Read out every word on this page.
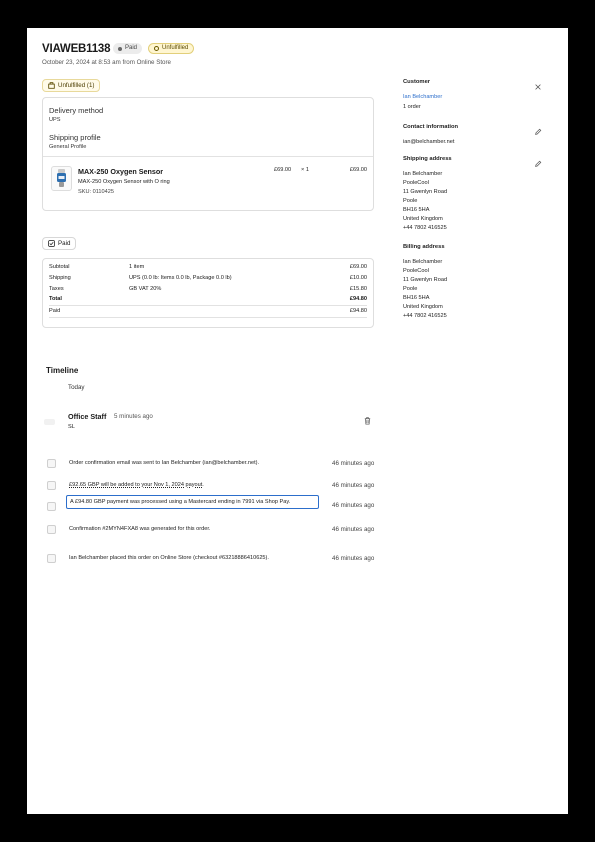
VIAWEB1138 Paid	Unfulfilled
October 23, 2024 at 8:53 am from Online Store
Unfulfilled (1)
Delivery method
UPS
Shipping profile
General Profile
MAX-250 Oxygen Sensor
MAX-250 Oxygen Sensor with O ring
SKU: 0110425
£69.00 × 1	£69.00
Paid
Subtotal	1 item	£69.00
Shipping	UPS (0.0 lb: Items 0.0 lb, Package 0.0 lb)	£10.00
Taxes	GB VAT 20%	£15.80
Total	£94.80
Paid	£94.80
Timeline
Today
Office Staff 5 minutes ago
SL
Order confirmation email was sent to Ian Belchamber (ian@belchamber.net).	46 minutes ago
£92.65 GBP will be added to your Nov 1, 2024 payout.	46 minutes ago
A £94.80 GBP payment was processed using a Mastercard ending in 7991 via Shop Pay.	46 minutes ago
Confirmation #2MYN4FXA8 was generated for this order.	46 minutes ago
Ian Belchamber placed this order on Online Store (checkout #63218886410625).	46 minutes ago
Customer
Ian Belchamber
1 order
Contact information
ian@belchamber.net
Shipping address
Ian Belchamber
PooleCool
11 Gwenlyn Road
Poole
BH16 5HA
United Kingdom
+44 7802 416525
Billing address
Ian Belchamber
PooleCool
11 Gwenlyn Road
Poole
BH16 5HA
United Kingdom
+44 7802 416525
